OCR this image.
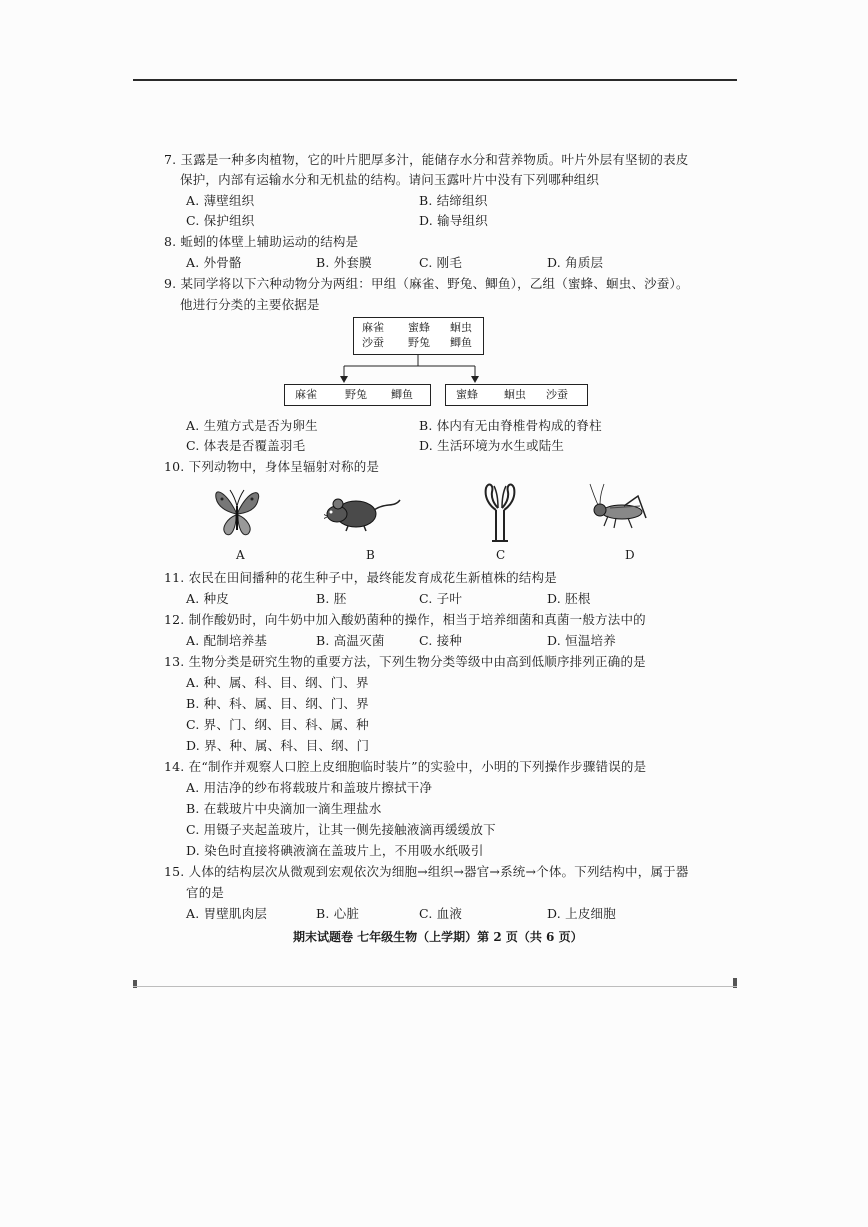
7. 玉露是一种多肉植物，它的叶片肥厚多汁，能储存水分和营养物质。叶片外层有坚韧的表皮
保护，内部有运输水分和无机盐的结构。请问玉露叶片中没有下列哪种组织
A. 薄壁组织	B. 结缔组织
C. 保护组织	D. 输导组织
8. 蚯蚓的体壁上辅助运动的结构是
A. 外骨骼	B. 外套膜	C. 刚毛	D. 角质层
9. 某同学将以下六种动物分为两组：甲组（麻雀、野兔、鲫鱼），乙组（蜜蜂、蛔虫、沙蚕）。
他进行分类的主要依据是
麻雀 蜜蜂 蛔虫
沙蚕 野兔 鲫鱼
麻雀	野兔 鲫鱼	蜜蜂 蛔虫 沙蚕
A. 生殖方式是否为卵生	B. 体内有无由脊椎骨构成的脊柱
C. 体表是否覆盖羽毛	D. 生活环境为水生或陆生
10. 下列动物中，身体呈辐射对称的是
A	B	C	D
11. 农民在田间播种的花生种子中，最终能发育成花生新植株的结构是
A. 种皮	B. 胚	C. 子叶	D. 胚根
12. 制作酸奶时，向牛奶中加入酸奶菌种的操作，相当于培养细菌和真菌一般方法中的
A. 配制培养基	B. 高温灭菌	C. 接种	D. 恒温培养
13. 生物分类是研究生物的重要方法，下列生物分类等级中由高到低顺序排列正确的是
A. 种、属、科、目、纲、门、界
B. 种、科、属、目、纲、门、界
C. 界、门、纲、目、科、属、种
D. 界、种、属、科、目、纲、门
14. 在“制作并观察人口腔上皮细胞临时装片”的实验中，小明的下列操作步骤错误的是
A. 用洁净的纱布将载玻片和盖玻片擦拭干净
B. 在载玻片中央滴加一滴生理盐水
C. 用镊子夹起盖玻片，让其一侧先接触液滴再缓缓放下
D. 染色时直接将碘液滴在盖玻片上，不用吸水纸吸引
15. 人体的结构层次从微观到宏观依次为细胞→组织→器官→系统→个体。下列结构中，属于器
官的是
A. 胃壁肌肉层	B. 心脏	C. 血液	D. 上皮细胞
期末试题卷 七年级生物（上学期）第 2 页（共 6 页）
